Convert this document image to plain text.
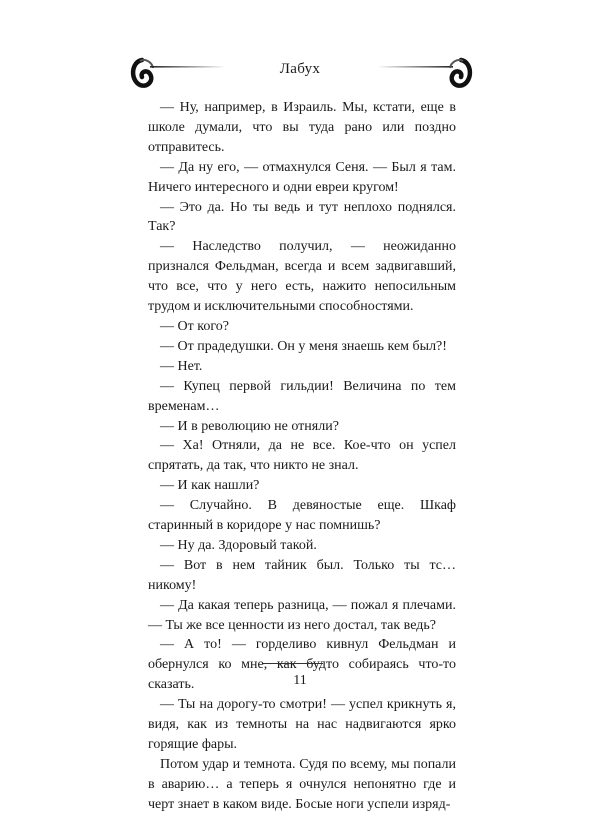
Лабух

— Ну, например, в Израиль. Мы, кстати, еще в школе думали, что вы туда рано или поздно отправитесь.

— Да ну его, — отмахнулся Сеня. — Был я там. Ничего интересного и одни евреи кругом!

— Это да. Но ты ведь и тут неплохо поднялся. Так?

— Наследство получил, — неожиданно признался Фельдман, всегда и всем задвигавший, что все, что у него есть, нажито непосильным трудом и исключительными способностями.

— От кого?

— От прадедушки. Он у меня знаешь кем был?!

— Нет.

— Купец первой гильдии! Величина по тем временам…

— И в революцию не отняли?

— Ха! Отняли, да не все. Кое-что он успел спрятать, да так, что никто не знал.

— И как нашли?

— Случайно. В девяностые еще. Шкаф старинный в коридоре у нас помнишь?

— Ну да. Здоровый такой.

— Вот в нем тайник был. Только ты тс… никому!

— Да какая теперь разница, — пожал я плечами. — Ты же все ценности из него достал, так ведь?

— А то! — горделиво кивнул Фельдман и обернулся ко мне, как будто собираясь что-то сказать.

— Ты на дорогу-то смотри! — успел крикнуть я, видя, как из темноты на нас надвигаются ярко горящие фары.

Потом удар и темнота. Судя по всему, мы попали в аварию… а теперь я очнулся непонятно где и черт знает в каком виде. Босые ноги успели изряд-

11
